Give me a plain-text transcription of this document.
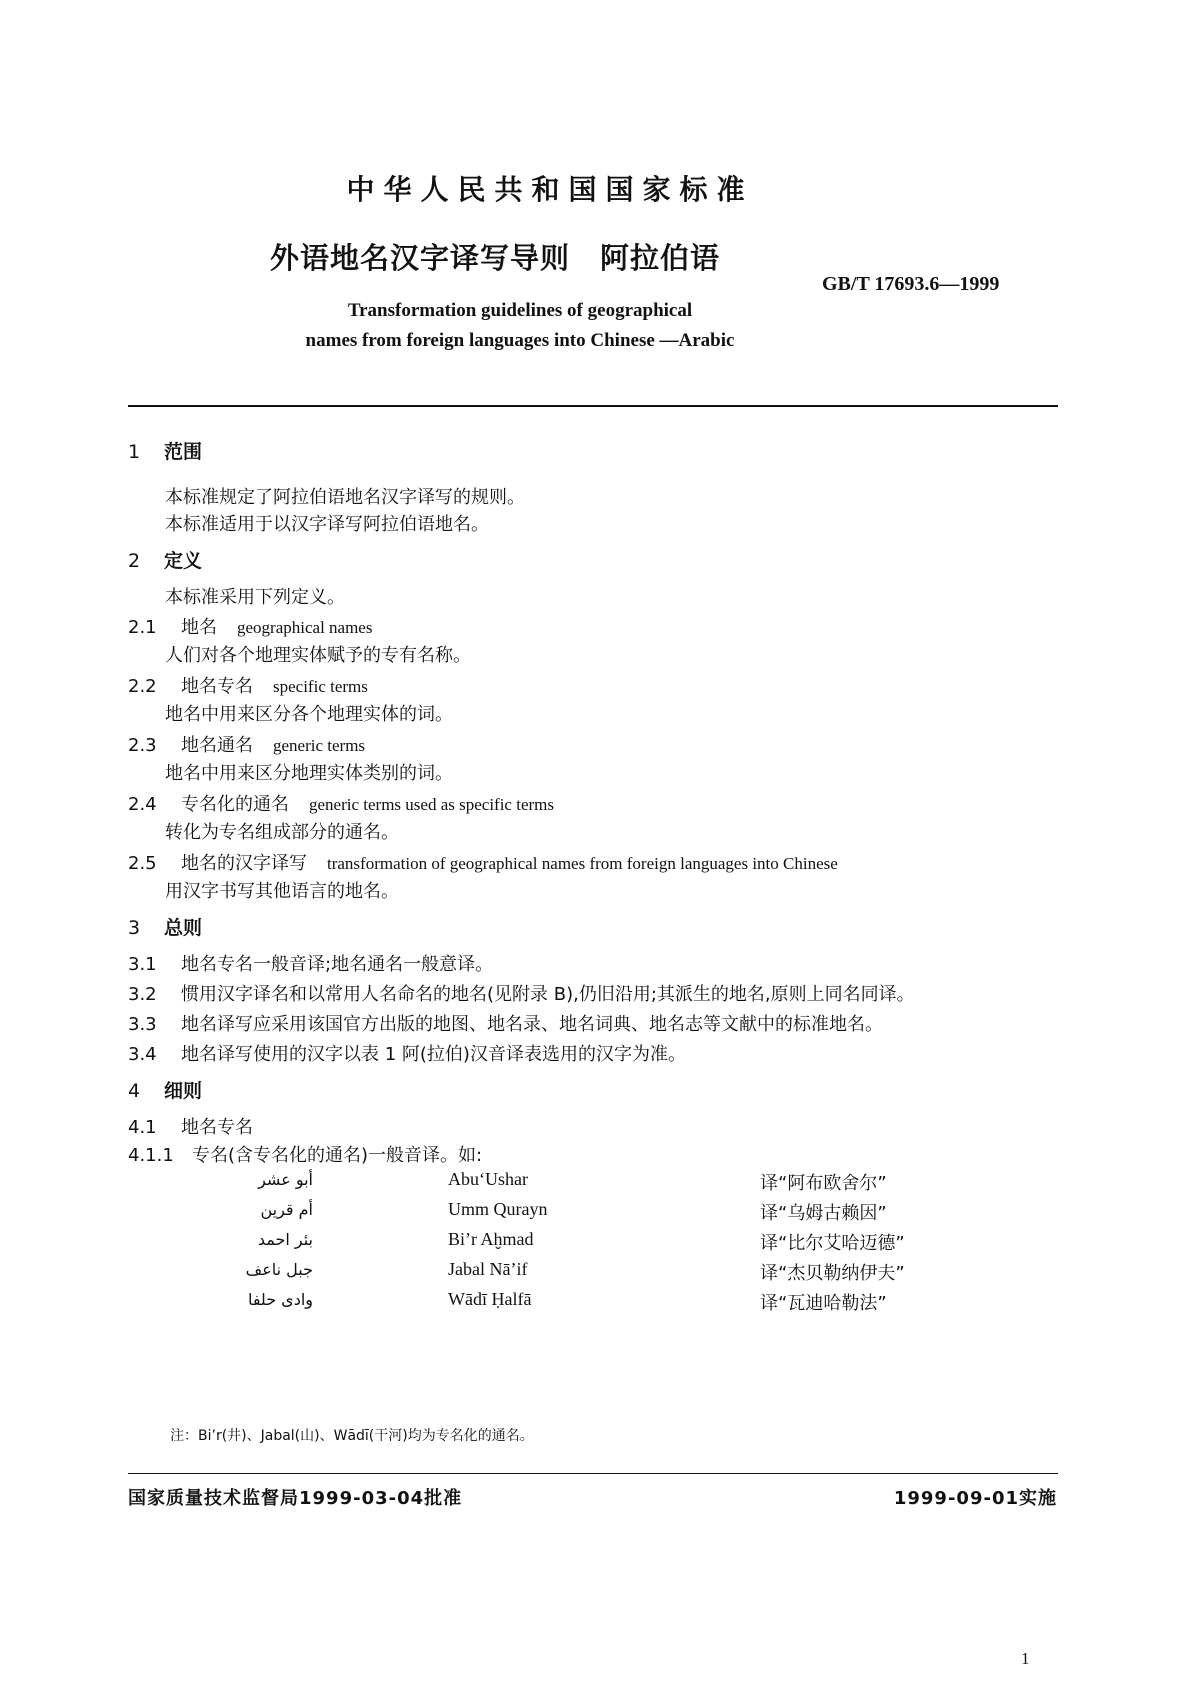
中华人民共和国国家标准
外语地名汉字译写导则　阿拉伯语
GB/T 17693.6—1999
Transformation guidelines of geographical
names from foreign languages into Chinese —Arabic
1 范围
本标准规定了阿拉伯语地名汉字译写的规则。
本标准适用于以汉字译写阿拉伯语地名。
2 定义
本标准采用下列定义。
2.1 地名 geographical names
人们对各个地理实体赋予的专有名称。
2.2 地名专名 specific terms
地名中用来区分各个地理实体的词。
2.3 地名通名 generic terms
地名中用来区分地理实体类别的词。
2.4 专名化的通名 generic terms used as specific terms
转化为专名组成部分的通名。
2.5 地名的汉字译写 transformation of geographical names from foreign languages into Chinese
用汉字书写其他语言的地名。
3 总则
3.1 地名专名一般音译;地名通名一般意译。
3.2 惯用汉字译名和以常用人名命名的地名(见附录 B),仍旧沿用;其派生的地名,原则上同名同译。
3.3 地名译写应采用该国官方出版的地图、地名录、地名词典、地名志等文献中的标准地名。
3.4 地名译写使用的汉字以表 1 阿(拉伯)汉音译表选用的汉字为准。
4 细则
4.1 地名专名
4.1.1 专名(含专名化的通名)一般音译。如:
أبو عشر	Abu‘Ushar	译“阿布欧舍尔”
أم قرين	Umm Qurayn	译“乌姆古赖因”
بئر احمد	Bi’r Aḫmad	译“比尔艾哈迈德”
جبل ناعف	Jabal Nā’if	译“杰贝勒纳伊夫”
وادى حلفا	Wādī Ḥalfā	译“瓦迪哈勒法”
注：Bi’r(井)、Jabal(山)、Wādī(干河)均为专名化的通名。
国家质量技术监督局1999-03-04批准	1999-09-01实施
1
